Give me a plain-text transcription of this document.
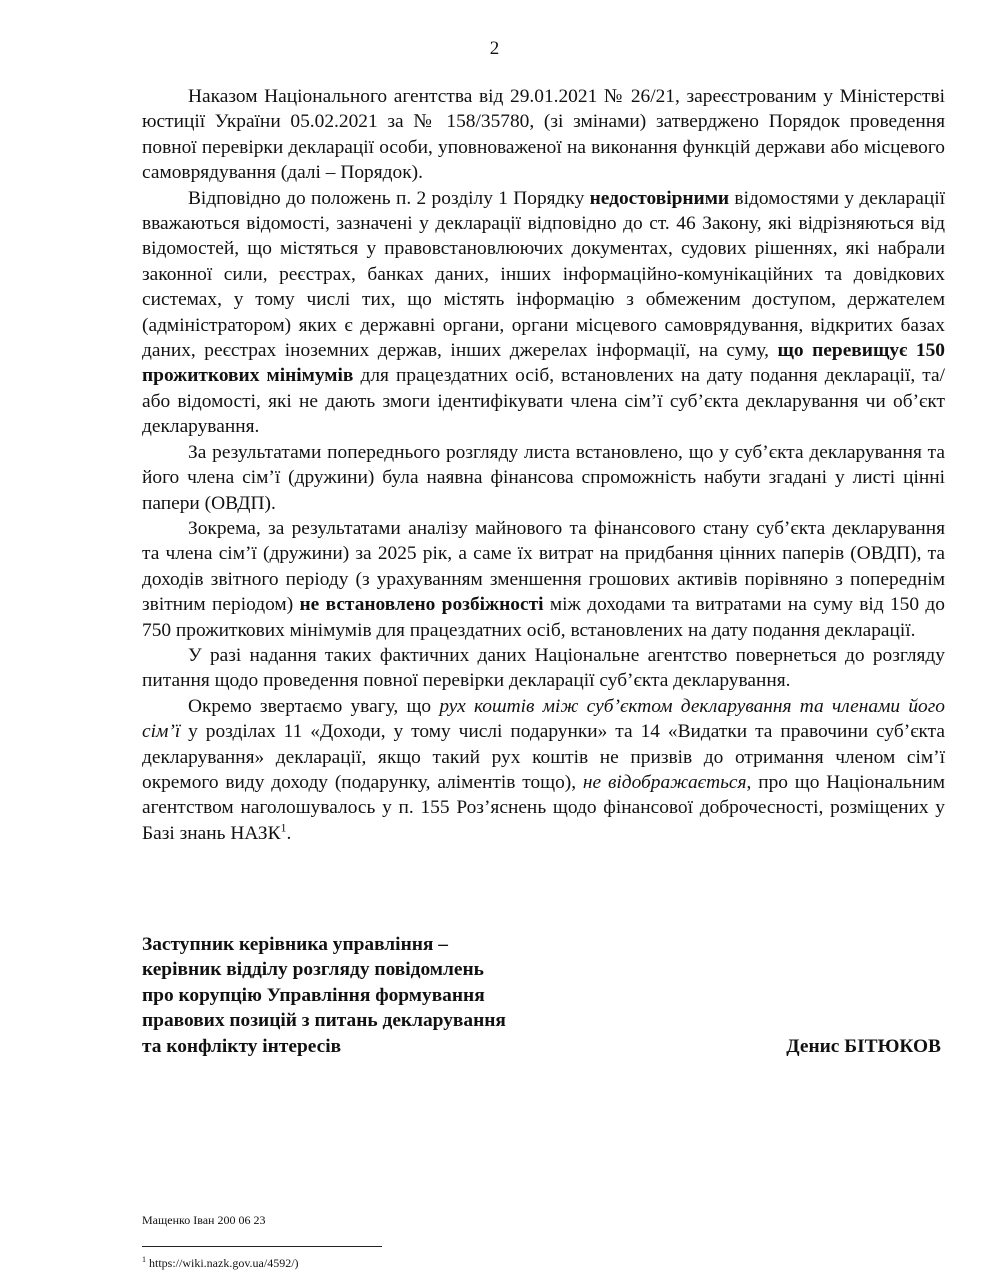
2

Наказом Національного агентства від 29.01.2021 № 26/21, зареєстрованим у Міністерстві юстиції України 05.02.2021 за № 158/35780, (зі змінами) затверджено Порядок проведення повної перевірки декларації особи, уповноваженої на виконання функцій держави або місцевого самоврядування (далі – Порядок).

Відповідно до положень п. 2 розділу 1 Порядку недостовірними відомостями у декларації вважаються відомості, зазначені у декларації відповідно до ст. 46 Закону, які відрізняються від відомостей, що містяться у правовстановлюючих документах, судових рішеннях, які набрали законної сили, реєстрах, банках даних, інших інформаційно-комунікаційних та довідкових системах, у тому числі тих, що містять інформацію з обмеженим доступом, держателем (адміністратором) яких є державні органи, органи місцевого самоврядування, відкритих базах даних, реєстрах іноземних держав, інших джерелах інформації, на суму, що перевищує 150 прожиткових мінімумів для працездатних осіб, встановлених на дату подання декларації, та/або відомості, які не дають змоги ідентифікувати члена сім’ї суб’єкта декларування чи об’єкт декларування.

За результатами попереднього розгляду листа встановлено, що у суб’єкта декларування та його члена сім’ї (дружини) була наявна фінансова спроможність набути згадані у листі цінні папери (ОВДП).

Зокрема, за результатами аналізу майнового та фінансового стану суб’єкта декларування та члена сім’ї (дружини) за 2025 рік, а саме їх витрат на придбання цінних паперів (ОВДП), та доходів звітного періоду (з урахуванням зменшення грошових активів порівняно з попереднім звітним періодом) не встановлено розбіжності між доходами та витратами на суму від 150 до 750 прожиткових мінімумів для працездатних осіб, встановлених на дату подання декларації.

У разі надання таких фактичних даних Національне агентство повернеться до розгляду питання щодо проведення повної перевірки декларації суб’єкта декларування.

Окремо звертаємо увагу, що рух коштів між суб’єктом декларування та членами його сім’ї у розділах 11 «Доходи, у тому числі подарунки» та 14 «Видатки та правочини суб’єкта декларування» декларації, якщо такий рух коштів не призвів до отримання членом сім’ї окремого виду доходу (подарунку, аліментів тощо), не відображається, про що Національним агентством наголошувалось у п. 155 Роз’яснень щодо фінансової доброчесності, розміщених у Базі знань НАЗК$^1$.

Заступник керівника управління –
керівник відділу розгляду повідомлень
про корупцію Управління формування
правових позицій з питань декларування
та конфлікту інтересів	Денис БІТЮКОВ
Мащенко Іван 200 06 23
$^1$ https://wiki.nazk.gov.ua/4592/)
